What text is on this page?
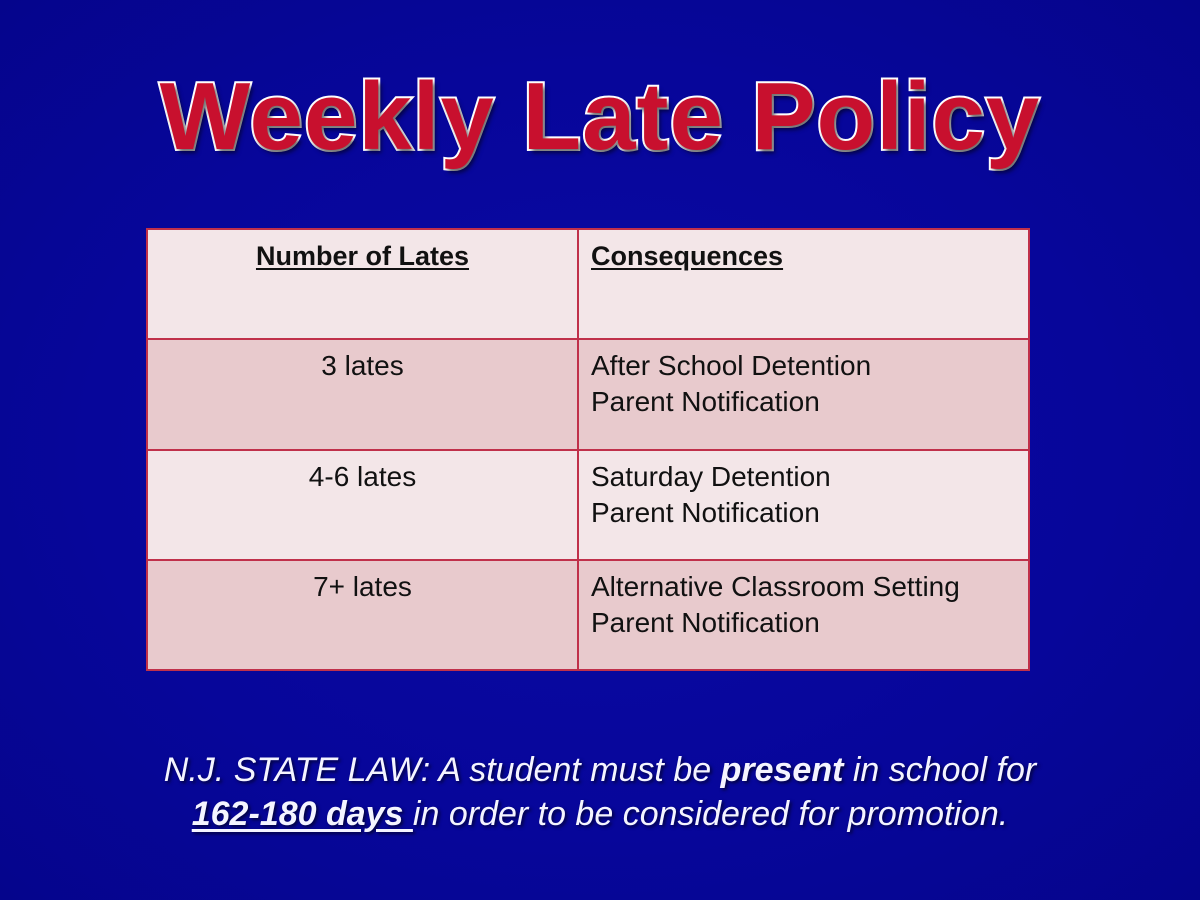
Weekly Late Policy
Number of Lates	Consequences
3 lates	After School Detention
Parent Notification

4-6 lates	Saturday Detention
Parent Notification

7+ lates	Alternative Classroom Setting
Parent Notification
N.J. STATE LAW: A student must be present in school for
162-180 days in order to be considered for promotion.
